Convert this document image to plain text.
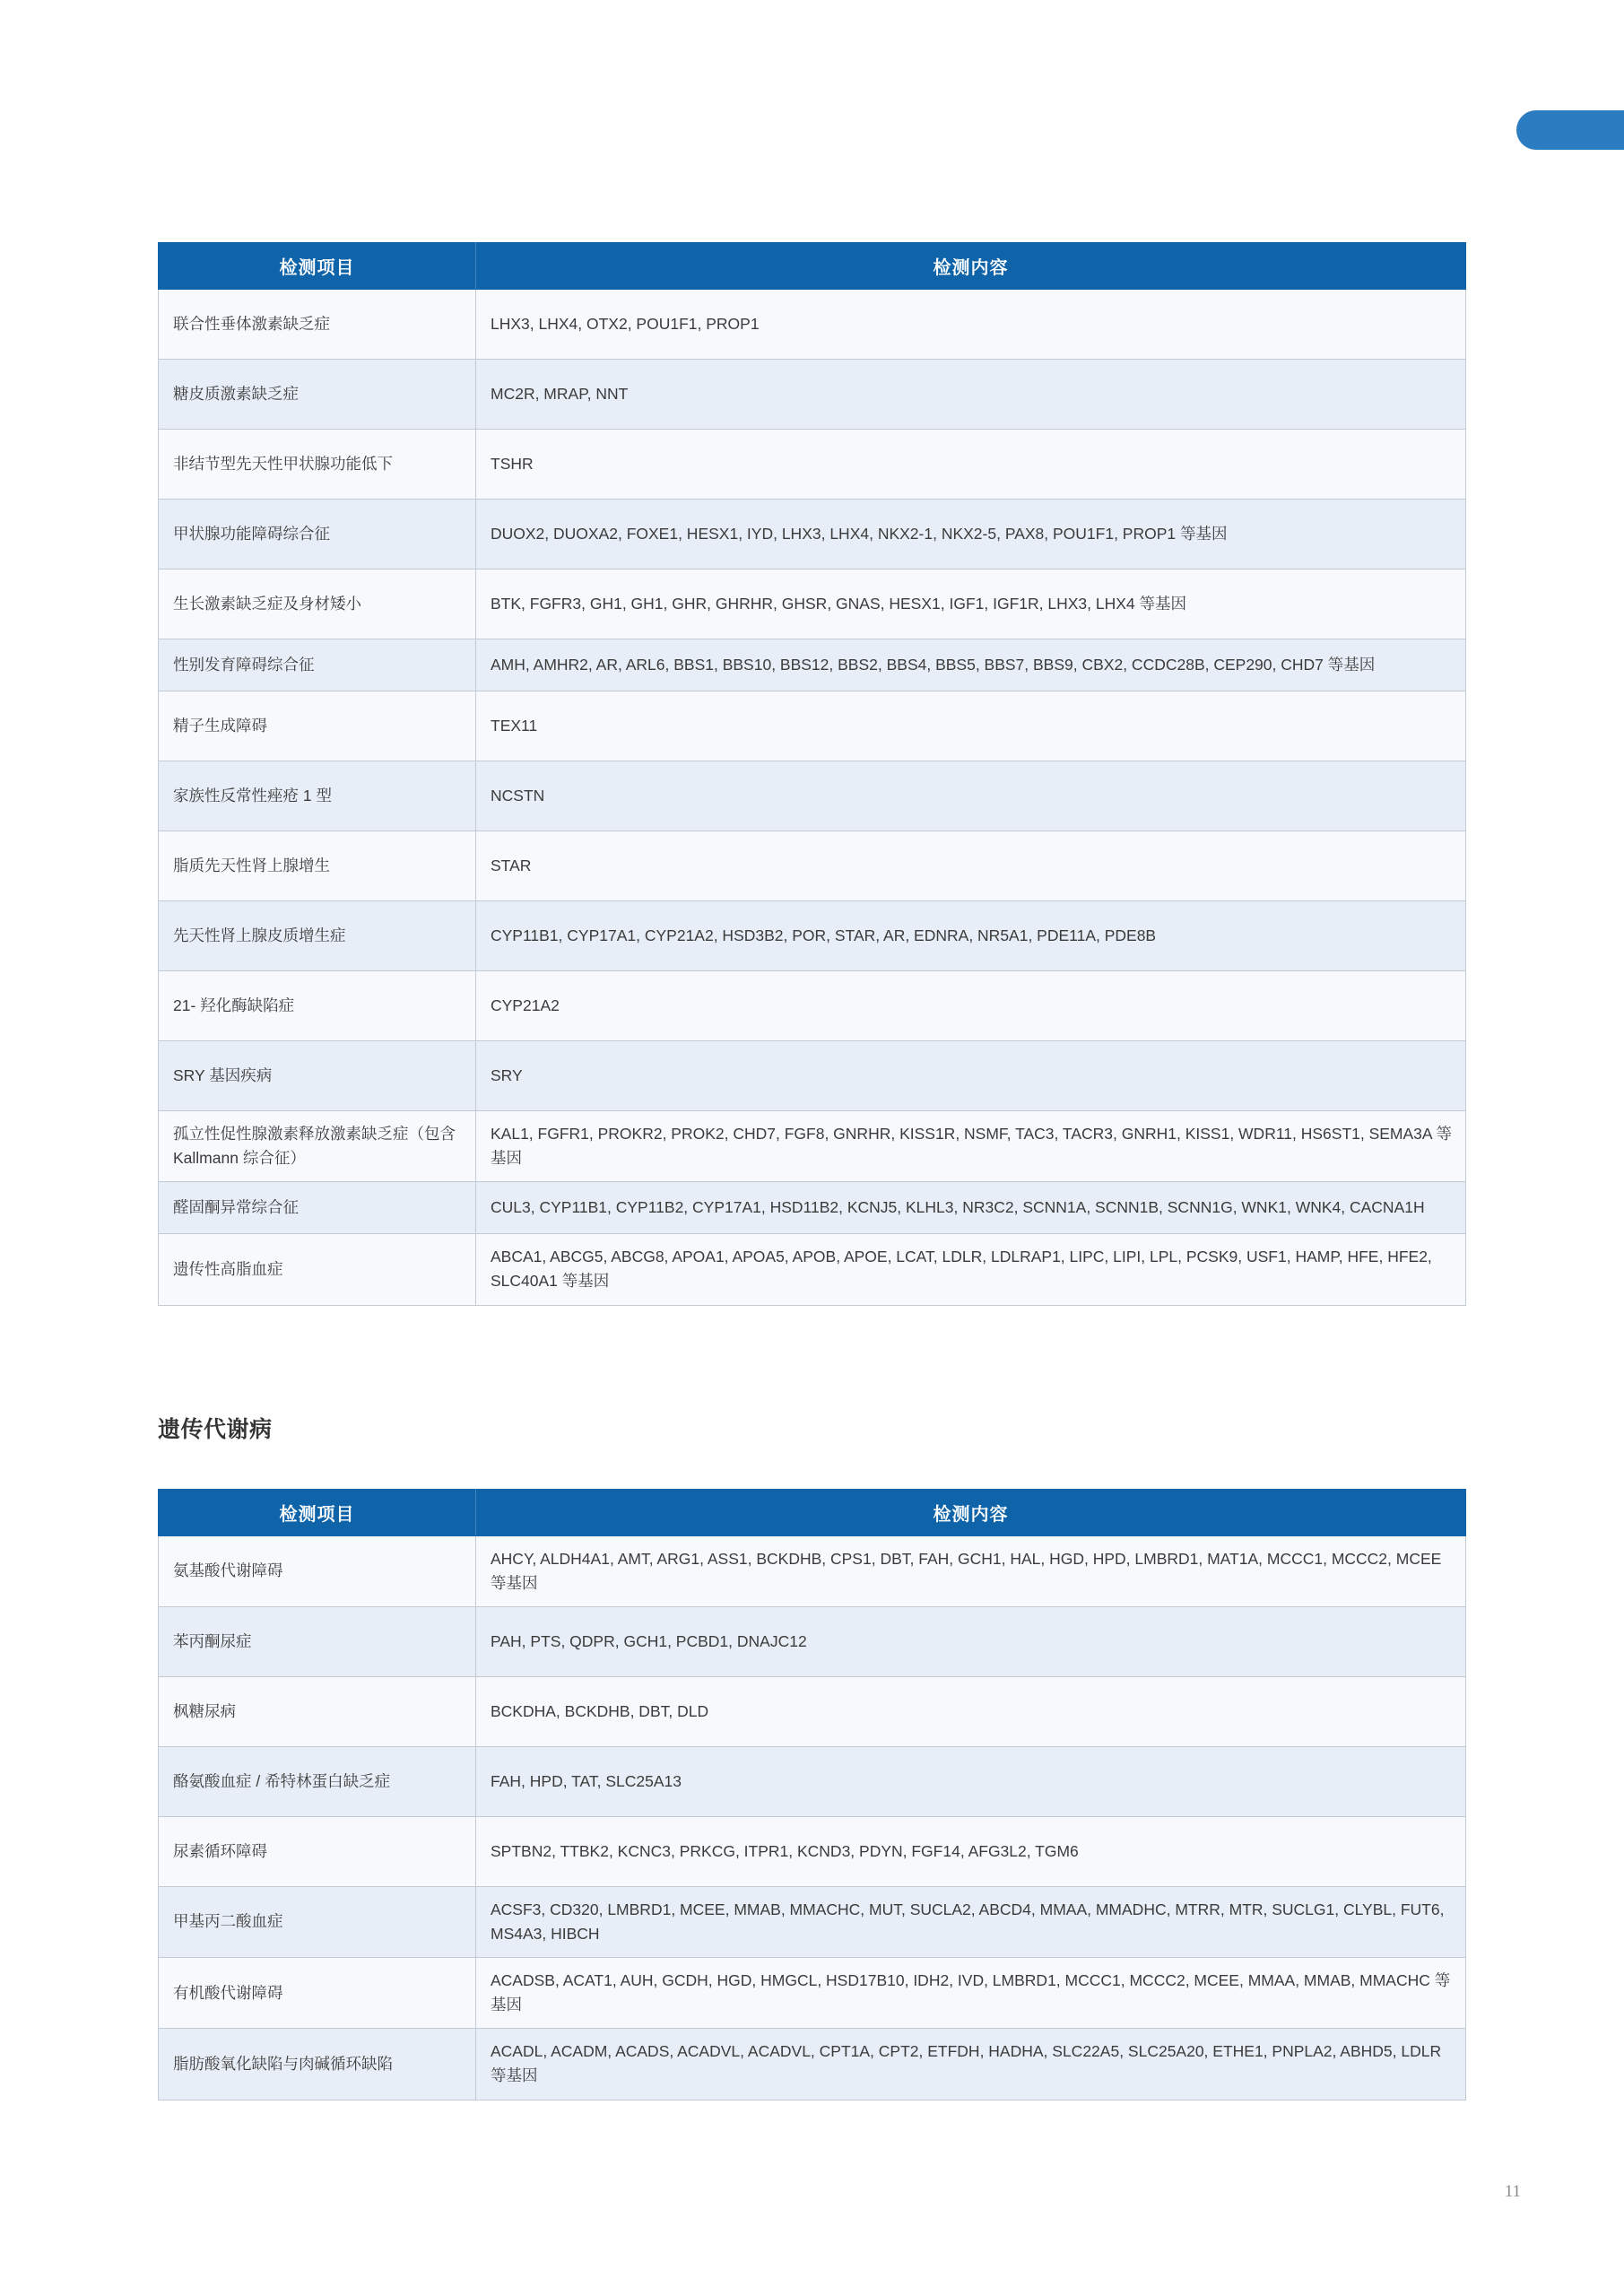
检测项目	检测内容
联合性垂体激素缺乏症	LHX3, LHX4, OTX2, POU1F1, PROP1
糖皮质激素缺乏症	MC2R, MRAP, NNT
非结节型先天性甲状腺功能低下	TSHR
甲状腺功能障碍综合征	DUOX2, DUOXA2, FOXE1, HESX1, IYD, LHX3, LHX4, NKX2-1, NKX2-5, PAX8, POU1F1, PROP1 等基因
生长激素缺乏症及身材矮小	BTK, FGFR3, GH1, GH1, GHR, GHRHR, GHSR, GNAS, HESX1, IGF1, IGF1R, LHX3, LHX4 等基因
性别发育障碍综合征	AMH, AMHR2, AR, ARL6, BBS1, BBS10, BBS12, BBS2, BBS4, BBS5, BBS7, BBS9, CBX2, CCDC28B, CEP290, CHD7 等基因
精子生成障碍	TEX11
家族性反常性痤疮 1 型	NCSTN
脂质先天性肾上腺增生	STAR
先天性肾上腺皮质增生症	CYP11B1, CYP17A1, CYP21A2, HSD3B2, POR, STAR, AR, EDNRA, NR5A1, PDE11A, PDE8B
21- 羟化酶缺陷症	CYP21A2
SRY 基因疾病	SRY
孤立性促性腺激素释放激素缺乏症（包含 Kallmann 综合征）	KAL1, FGFR1, PROKR2, PROK2, CHD7, FGF8, GNRHR, KISS1R, NSMF, TAC3, TACR3, GNRH1, KISS1, WDR11, HS6ST1, SEMA3A 等基因
醛固酮异常综合征	CUL3, CYP11B1, CYP11B2, CYP17A1, HSD11B2, KCNJ5, KLHL3, NR3C2, SCNN1A, SCNN1B, SCNN1G, WNK1, WNK4, CACNA1H
遗传性高脂血症	ABCA1, ABCG5, ABCG8, APOA1, APOA5, APOB, APOE, LCAT, LDLR, LDLRAP1, LIPC, LIPI, LPL, PCSK9, USF1, HAMP, HFE, HFE2, SLC40A1 等基因
遗传代谢病
检测项目	检测内容
氨基酸代谢障碍	AHCY, ALDH4A1, AMT, ARG1, ASS1, BCKDHB, CPS1, DBT, FAH, GCH1, HAL, HGD, HPD, LMBRD1, MAT1A, MCCC1, MCCC2, MCEE 等基因
苯丙酮尿症	PAH, PTS, QDPR, GCH1, PCBD1, DNAJC12
枫糖尿病	BCKDHA, BCKDHB, DBT, DLD
酪氨酸血症 / 希特林蛋白缺乏症	FAH, HPD, TAT, SLC25A13
尿素循环障碍	SPTBN2, TTBK2, KCNC3, PRKCG, ITPR1, KCND3, PDYN, FGF14, AFG3L2, TGM6
甲基丙二酸血症	ACSF3, CD320, LMBRD1, MCEE, MMAB, MMACHC, MUT, SUCLA2, ABCD4, MMAA, MMADHC, MTRR, MTR, SUCLG1, CLYBL, FUT6, MS4A3, HIBCH
有机酸代谢障碍	ACADSB, ACAT1, AUH, GCDH, HGD, HMGCL, HSD17B10, IDH2, IVD, LMBRD1, MCCC1, MCCC2, MCEE, MMAA, MMAB, MMACHC 等基因
脂肪酸氧化缺陷与肉碱循环缺陷	ACADL, ACADM, ACADS, ACADVL, ACADVL, CPT1A, CPT2, ETFDH, HADHA, SLC22A5, SLC25A20, ETHE1, PNPLA2, ABHD5, LDLR 等基因
11
